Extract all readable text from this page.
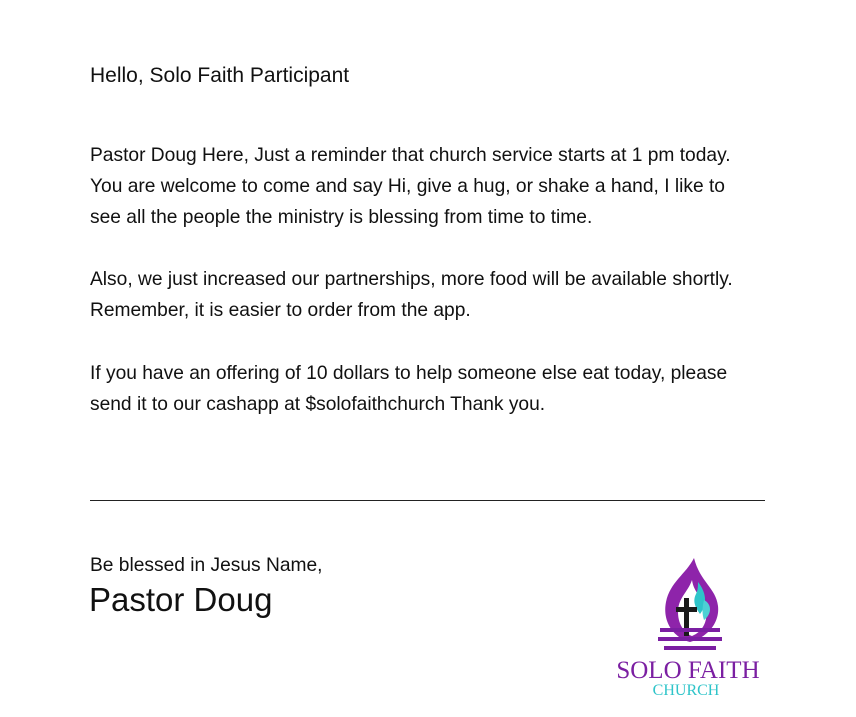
Hello, Solo Faith Participant

Pastor Doug Here, Just a reminder that church service starts at 1 pm today.
You are welcome to come and say Hi, give a hug, or shake a hand, I like to
see all the people the ministry is blessing from time to time.

Also, we just increased our partnerships, more food will be available shortly.
Remember, it is easier to order from the app.

If you have an offering of 10 dollars to help someone else eat today, please
send it to our cashapp at $solofaithchurch Thank you.

Be blessed in Jesus Name,

Pastor Doug

SOLO FAITH
CHURCH
